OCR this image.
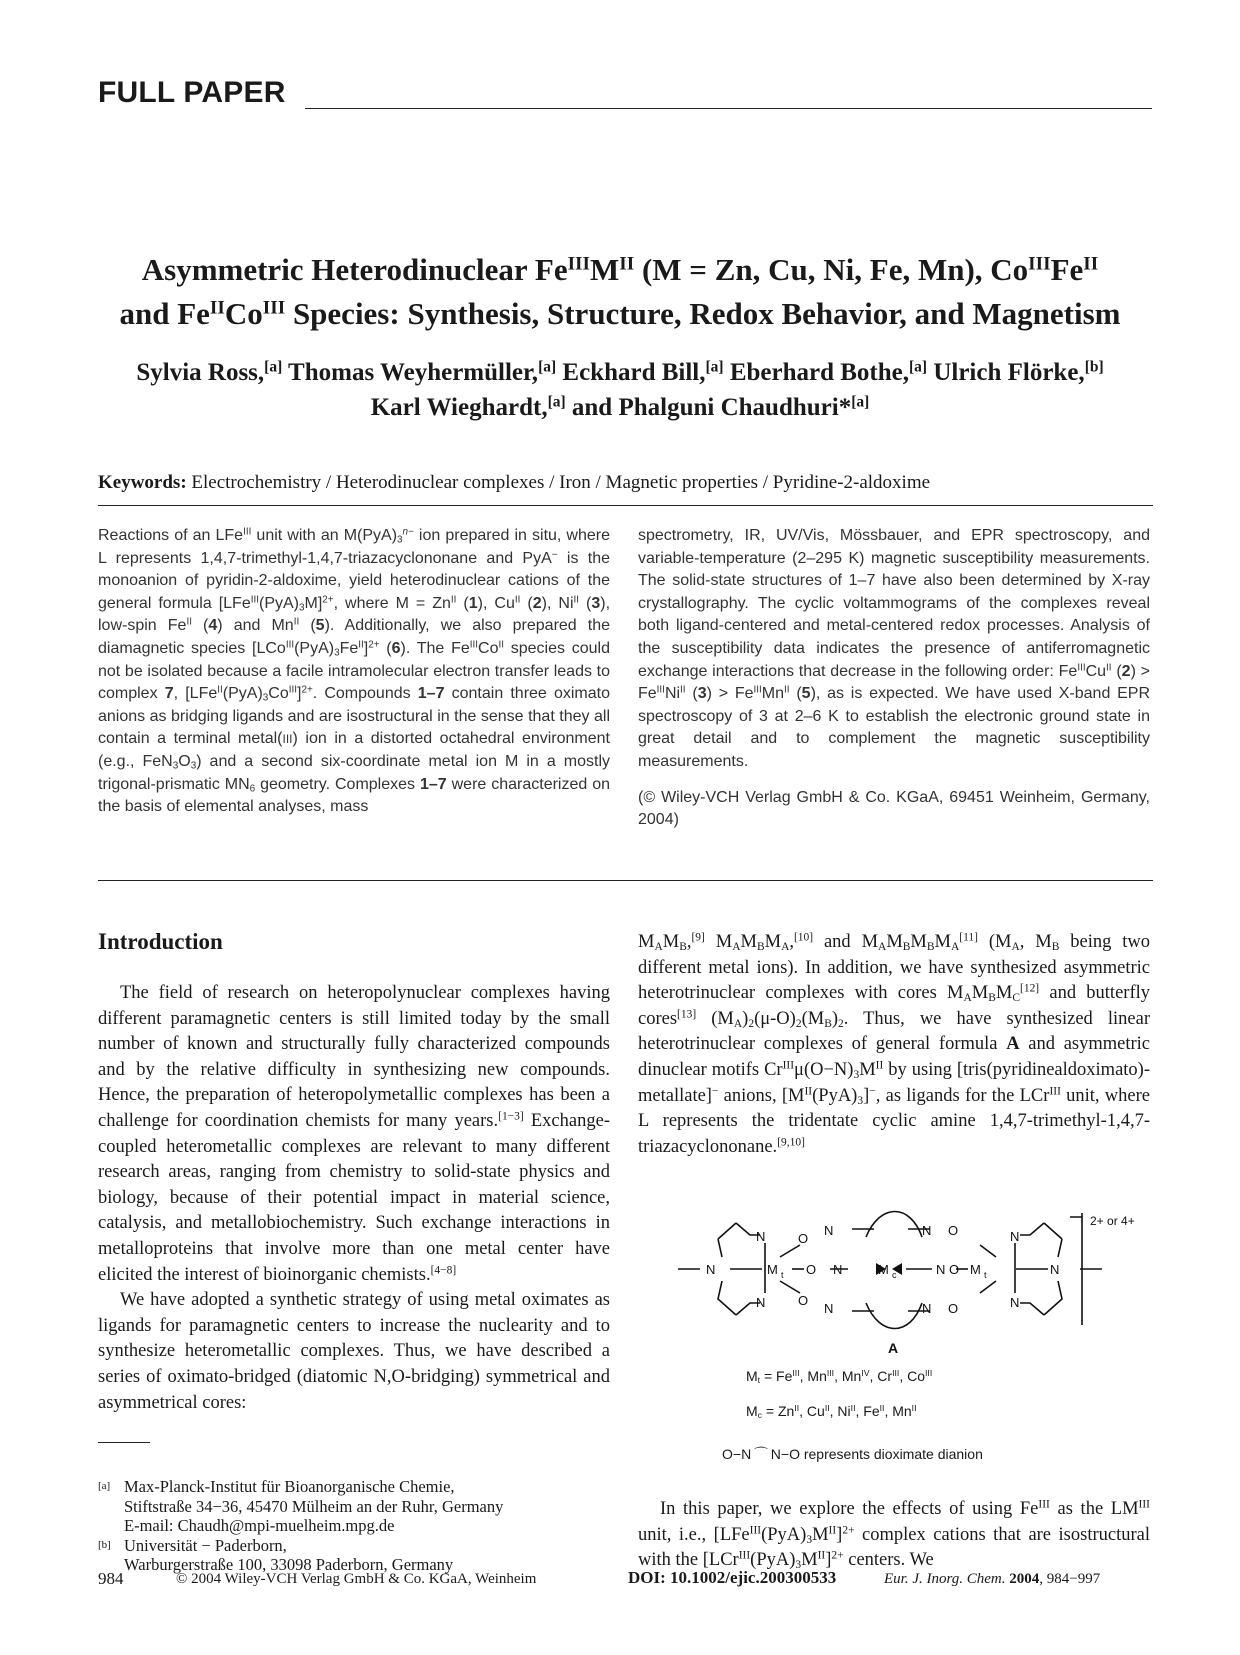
FULL PAPER
Asymmetric Heterodinuclear $Fe^{III}M^{II}$ (M = Zn, Cu, Ni, Fe, Mn), $Co^{III}Fe^{II}$
and $Fe^{II}Co^{III}$ Species: Synthesis, Structure, Redox Behavior, and Magnetism
Sylvia Ross,[a] Thomas Weyhermüller,[a] Eckhard Bill,[a] Eberhard Bothe,[a] Ulrich Flörke,[b]
Karl Wieghardt,[a] and Phalguni Chaudhuri*[a]
Keywords: Electrochemistry / Heterodinuclear complexes / Iron / Magnetic properties / Pyridine-2-aldoxime
Reactions of an LFe$^{III}$ unit with an $M(PyA)_3^{n-}$ ion prepared in situ, where L represents 1,4,7-trimethyl-1,4,7-triazacyclononane and PyA− is the monoanion of pyridin-2-aldoxime, yield heterodinuclear cations of the general formula $[LFe^{III}(PyA)_3M]^{2+}$, where $M = Zn^{II}$ (1), $Cu^{II}$ (2), $Ni^{II}$ (3), low-spin $Fe^{II}$ (4) and $Mn^{II}$ (5). Additionally, we also prepared the diamagnetic species $[LCo^{III}(PyA)_3Fe^{II}]^{2+}$ (6). The $Fe^{III}Co^{II}$ species could not be isolated because a facile intramolecular electron transfer leads to complex 7, $[LFe^{II}(PyA)_3Co^{III}]^{2+}$. Compounds 1–7 contain three oximato anions as bridging ligands and are isostructural in the sense that they all contain a terminal metal(III) ion in a distorted octahedral environment (e.g., $FeN_3O_3$) and a second six-coordinate metal ion M in a mostly trigonal-prismatic $MN_6$ geometry. Complexes 1–7 were characterized on the basis of elemental analyses, mass
spectrometry, IR, UV/Vis, Mössbauer, and EPR spectroscopy, and variable-temperature (2–295 K) magnetic susceptibility measurements. The solid-state structures of 1–7 have also been determined by X-ray crystallography. The cyclic voltammograms of the complexes reveal both ligand-centered and metal-centered redox processes. Analysis of the susceptibility data indicates the presence of antiferromagnetic exchange interactions that decrease in the following order: $Fe^{III}Cu^{II}$ $(2) > Fe^{III}Ni^{II}$ $(3) > Fe^{III}Mn^{II}$ (5), as is expected. We have used X-band EPR spectroscopy of 3 at 2–6 K to establish the electronic ground state in great detail and to complement the magnetic susceptibility measurements.
(© Wiley-VCH Verlag GmbH & Co. KGaA, 69451 Weinheim, Germany, 2004)
Introduction

The field of research on heteropolynuclear complexes having different paramagnetic centers is still limited today by the small number of known and structurally fully characterized compounds and by the relative difficulty in synthesizing new compounds. Hence, the preparation of heteropolymetallic complexes has been a challenge for coordination chemists for many years.[1−3] Exchange-coupled heterometallic complexes are relevant to many different research areas, ranging from chemistry to solid-state physics and biology, because of their potential impact in material science, catalysis, and metallobiochemistry. Such exchange interactions in metalloproteins that involve more than one metal center have elicited the interest of bioinorganic chemists.[4−8]

We have adopted a synthetic strategy of using metal oximates as ligands for paramagnetic centers to increase the nuclearity and to synthesize heterometallic complexes. Thus, we have described a series of oximato-bridged (diatomic N,O-bridging) symmetrical and asymmetrical cores:

[a] Max-Planck-Institut für Bioanorganische Chemie,
Stiftstraße 34−36, 45470 Mülheim an der Ruhr, Germany
E-mail: Chaudh@mpi-muelheim.mpg.de
[b] Universität − Paderborn,
Warburgerstraße 100, 33098 Paderborn, Germany

$M_AM_B,[9]$ $M_AM_BM_A,[10]$ and $M_AM_BM_BM_A[11]$ ($M_A$, $M_B$ being two different metal ions). In addition, we have synthesized asymmetric heterotrinuclear complexes with cores $M_AM_BM_C[12]$ and butterfly cores[13] $(M_A)_2(\mu-O)_2(M_B)_2$. Thus, we have synthesized linear heterotrinuclear complexes of general formula A and asymmetric dinuclear motifs $Cr^{III}\mu(O-N)_3M^{II}$ by using [tris(pyridinealdoximato)-metallate]− anions, $[M^{II}(PyA)_3]^-$, as ligands for the LCr$^{III}$ unit, where L represents the tridentate cyclic amine 1,4,7-trimethyl-1,4,7-triazacyclononane.[9,10]

N
N
N
M t O N
O
N
O
N
M c	N O
N O
N O
M t
N
N
N
2+ or 4+
A
$M_t = Fe^{III}$, $Mn^{III}$, $Mn^{IV}$, $Cr^{III}$, $Co^{III}$
$M_c = Zn^{II}$, $Cu^{II}$, $Ni^{II}$, $Fe^{II}$, $Mn^{II}$
O−N ⌒ N−O represents dioximate dianion

In this paper, we explore the effects of using $Fe^{III}$ as the $LM^{III}$ unit, i.e., $[LFe^{III}(PyA)_3M^{II}]^{2+}$ complex cations that are isostructural with the $[LCr^{III}(PyA)_3M^{II}]^{2+}$ centers. We

984	© 2004 Wiley-VCH Verlag GmbH & Co. KGaA, Weinheim	DOI: 10.1002/ejic.200300533	Eur. J. Inorg. Chem. 2004, 984−997
